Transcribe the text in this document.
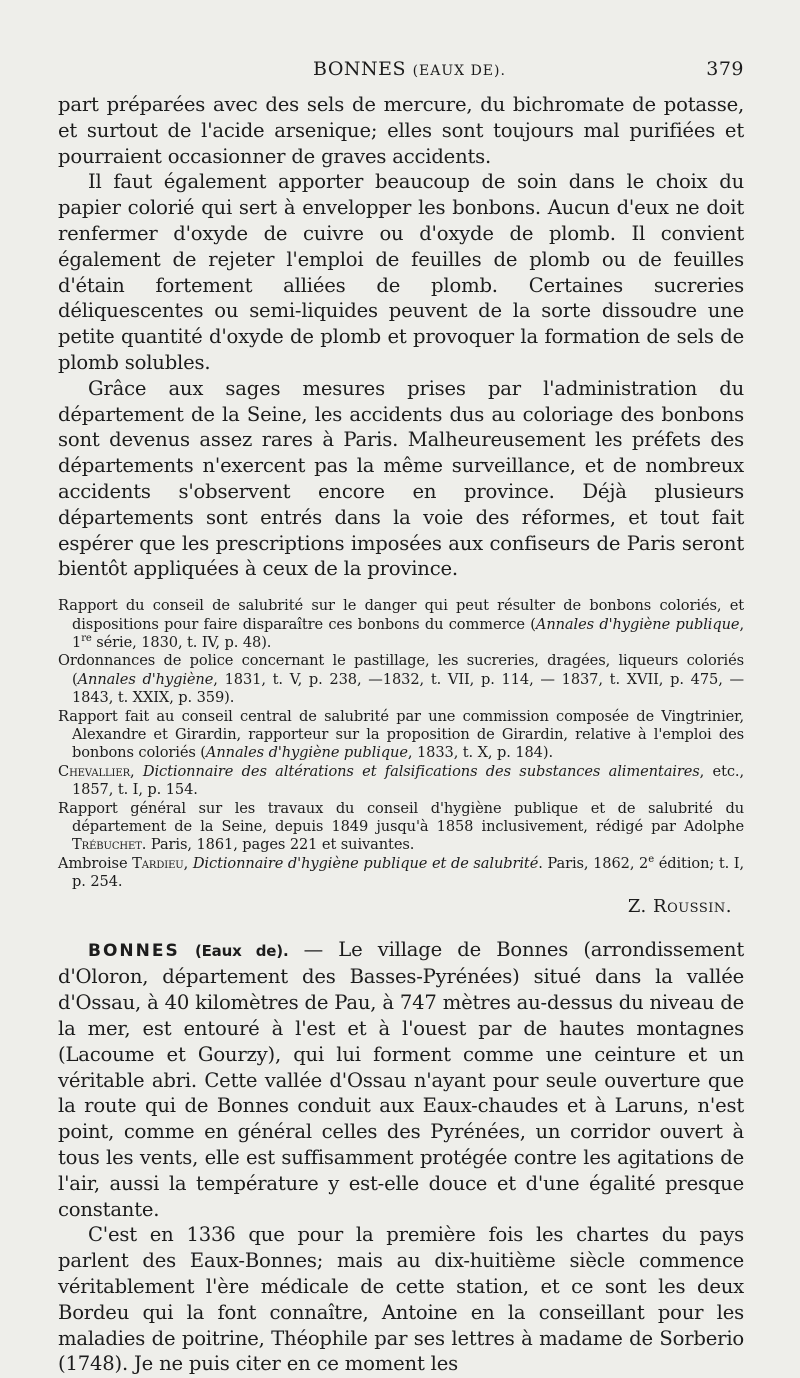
BONNES (EAUX DE).	379

part préparées avec des sels de mercure, du bichromate de potasse, et surtout de l'acide arsenique; elles sont toujours mal purifiées et pourraient occasionner de graves accidents.

Il faut également apporter beaucoup de soin dans le choix du papier colorié qui sert à envelopper les bonbons. Aucun d'eux ne doit renfermer d'oxyde de cuivre ou d'oxyde de plomb. Il convient également de rejeter l'emploi de feuilles de plomb ou de feuilles d'étain fortement alliées de plomb. Certaines sucreries déliquescentes ou semi-liquides peuvent de la sorte dissoudre une petite quantité d'oxyde de plomb et provoquer la formation de sels de plomb solubles.

Grâce aux sages mesures prises par l'administration du département de la Seine, les accidents dus au coloriage des bonbons sont devenus assez rares à Paris. Malheureusement les préfets des départements n'exercent pas la même surveillance, et de nombreux accidents s'observent encore en province. Déjà plusieurs départements sont entrés dans la voie des réformes, et tout fait espérer que les prescriptions imposées aux confiseurs de Paris seront bientôt appliquées à ceux de la province.

Rapport du conseil de salubrité sur le danger qui peut résulter de bonbons coloriés, et dispositions pour faire disparaître ces bonbons du commerce (Annales d'hygiène publique, 1re série, 1830, t. IV, p. 48).

Ordonnances de police concernant le pastillage, les sucreries, dragées, liqueurs coloriés (Annales d'hygiène, 1831, t. V, p. 238, —1832, t. VII, p. 114, — 1837, t. XVII, p. 475, — 1843, t. XXIX, p. 359).

Rapport fait au conseil central de salubrité par une commission composée de Vingtrinier, Alexandre et Girardin, rapporteur sur la proposition de Girardin, relative à l'emploi des bonbons coloriés (Annales d'hygiène publique, 1833, t. X, p. 184).

Chevallier, Dictionnaire des altérations et falsifications des substances alimentaires, etc., 1857, t. I, p. 154.

Rapport général sur les travaux du conseil d'hygiène publique et de salubrité du département de la Seine, depuis 1849 jusqu'à 1858 inclusivement, rédigé par Adolphe Trébuchet. Paris, 1861, pages 221 et suivantes.

Ambroise Tardieu, Dictionnaire d'hygiène publique et de salubrité. Paris, 1862, 2e édition; t. I, p. 254.

Z. Roussin.

BONNES (Eaux de). — Le village de Bonnes (arrondissement d'Oloron, département des Basses-Pyrénées) situé dans la vallée d'Ossau, à 40 kilomètres de Pau, à 747 mètres au-dessus du niveau de la mer, est entouré à l'est et à l'ouest par de hautes montagnes (Lacoume et Gourzy), qui lui forment comme une ceinture et un véritable abri. Cette vallée d'Ossau n'ayant pour seule ouverture que la route qui de Bonnes conduit aux Eaux-chaudes et à Laruns, n'est point, comme en général celles des Pyrénées, un corridor ouvert à tous les vents, elle est suffisamment protégée contre les agitations de l'air, aussi la température y est-elle douce et d'une égalité presque constante.

C'est en 1336 que pour la première fois les chartes du pays parlent des Eaux-Bonnes; mais au dix-huitième siècle commence véritablement l'ère médicale de cette station, et ce sont les deux Bordeu qui la font connaître, Antoine en la conseillant pour les maladies de poitrine, Théophile par ses lettres à madame de Sorberio (1748). Je ne puis citer en ce moment les
